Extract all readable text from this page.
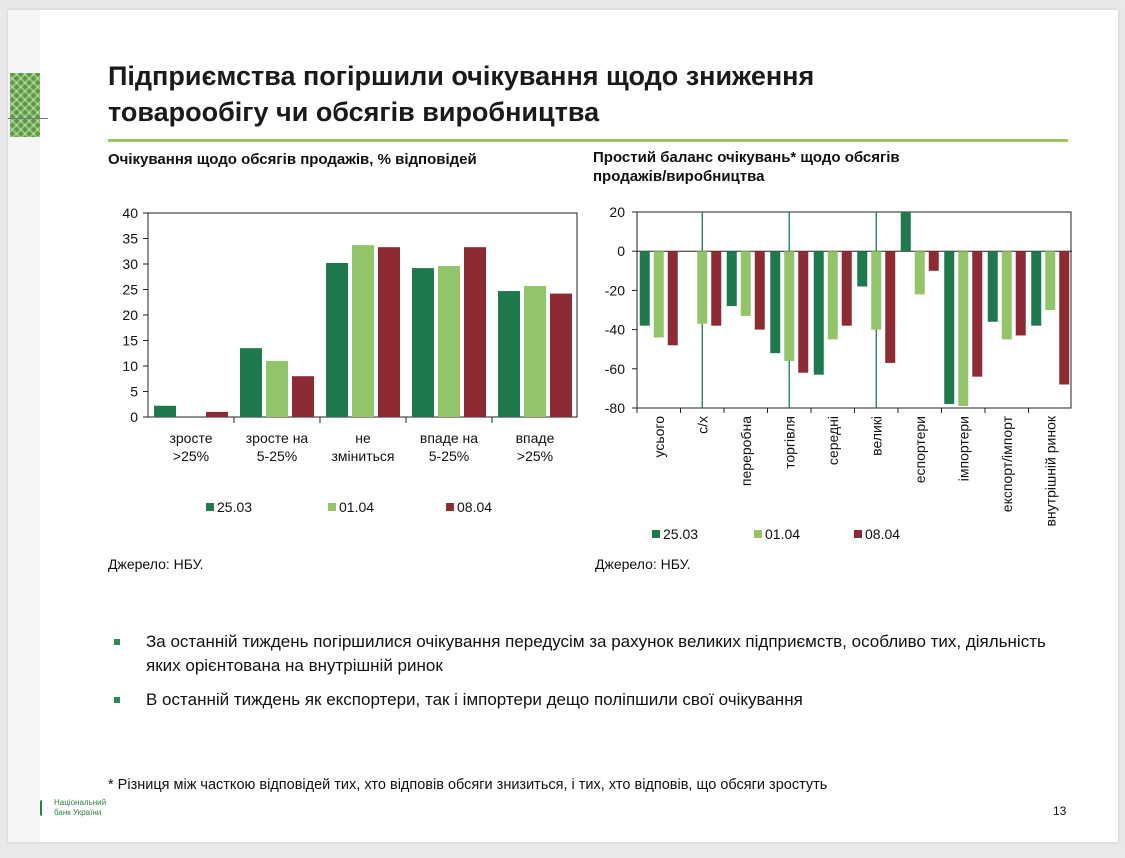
Підприємства погіршили очікування щодо зниження
товарообігу чи обсягів виробництва

Очікування щодо обсягів продажів, % відповідей	Простий баланс очікувань* щодо обсягів
продажів/виробництва

0
5
10
15
20
25
30
35
40
зросте
>25%
зросте на
5-25%
не
зміниться
впаде на
5-25%
впаде
>25%
25.03	01.04	08.04
-80
-60
-40
-20
0
20
усього с/х переробна торгівля середні великі еспортери імпортери експорт/імпорт внутрішній ринок
25.03	01.04	08.04
Джерело: НБУ.	Джерело: НБУ.
За останній тиждень погіршилися очікування передусім за рахунок великих підприємств, особливо тих, діяльність яких орієнтована на внутрішній ринок
В останній тиждень як експортери, так і імпортери дещо поліпшили свої очікування
* Різниця між часткою відповідей тих, хто відповів обсяги знизиться, і тих, хто відповів, що обсяги зростуть
Національний
банк України	13
